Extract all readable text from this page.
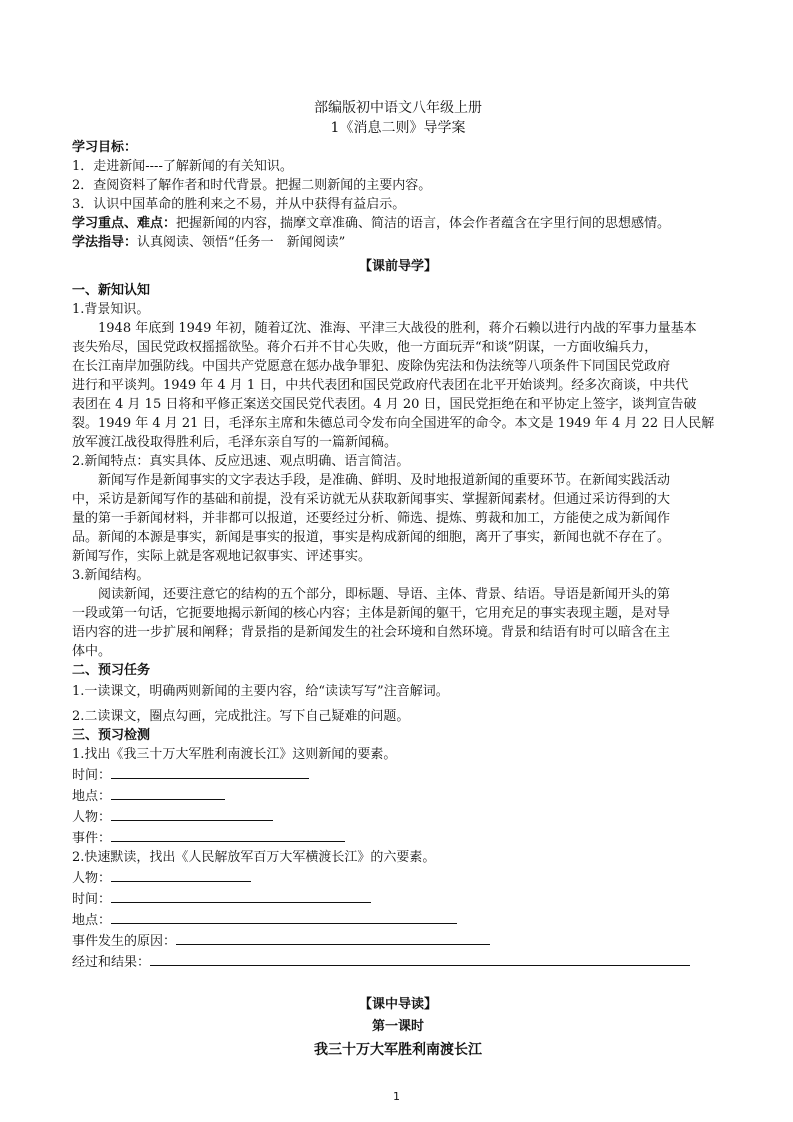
部编版初中语文八年级上册

1《消息二则》导学案

学习目标：

1．走进新闻----了解新闻的有关知识。

2．查阅资料了解作者和时代背景。把握二则新闻的主要内容。

3．认识中国革命的胜利来之不易，并从中获得有益启示。

学习重点、难点：把握新闻的内容，揣摩文章准确、简洁的语言，体会作者蕴含在字里行间的思想感情。

学法指导：认真阅读、领悟“任务一　新闻阅读”

【课前导学】

一、新知认知

1.背景知识。

1948 年底到 1949 年初，随着辽沈、淮海、平津三大战役的胜利，蒋介石赖以进行内战的军事力量基本

丧失殆尽，国民党政权摇摇欲坠。蒋介石并不甘心失败，他一方面玩弄“和谈”阴谋，一方面收编兵力，

在长江南岸加强防线。中国共产党愿意在惩办战争罪犯、废除伪宪法和伪法统等八项条件下同国民党政府

进行和平谈判。1949 年 4 月 1 日，中共代表团和国民党政府代表团在北平开始谈判。经多次商谈，中共代

表团在 4 月 15 日将和平修正案送交国民党代表团。4 月 20 日，国民党拒绝在和平协定上签字，谈判宣告破

裂。1949 年 4 月 21 日，毛泽东主席和朱德总司令发布向全国进军的命令。本文是 1949 年 4 月 22 日人民解

放军渡江战役取得胜利后，毛泽东亲自写的一篇新闻稿。

2.新闻特点：真实具体、反应迅速、观点明确、语言简洁。

新闻写作是新闻事实的文字表达手段，是准确、鲜明、及时地报道新闻的重要环节。在新闻实践活动

中，采访是新闻写作的基础和前提，没有采访就无从获取新闻事实、掌握新闻素材。但通过采访得到的大

量的第一手新闻材料，并非都可以报道，还要经过分析、筛选、提炼、剪裁和加工，方能使之成为新闻作

品。新闻的本源是事实，新闻是事实的报道，事实是构成新闻的细胞，离开了事实，新闻也就不存在了。

新闻写作，实际上就是客观地记叙事实、评述事实。

3.新闻结构。

阅读新闻，还要注意它的结构的五个部分，即标题、导语、主体、背景、结语。导语是新闻开头的第

一段或第一句话，它扼要地揭示新闻的核心内容；主体是新闻的躯干，它用充足的事实表现主题，是对导

语内容的进一步扩展和阐释；背景指的是新闻发生的社会环境和自然环境。背景和结语有时可以暗含在主

体中。

二、预习任务

1.一读课文，明确两则新闻的主要内容，给“读读写写”注音解词。

2.二读课文，圈点勾画，完成批注。写下自己疑难的问题。

三、预习检测

1.找出《我三十万大军胜利南渡长江》这则新闻的要素。

时间：

地点：

人物：

事件：

2.快速默读，找出《人民解放军百万大军横渡长江》的六要素。

人物：

时间：

地点：

事件发生的原因：

经过和结果：

【课中导读】

第一课时

我三十万大军胜利南渡长江

1
